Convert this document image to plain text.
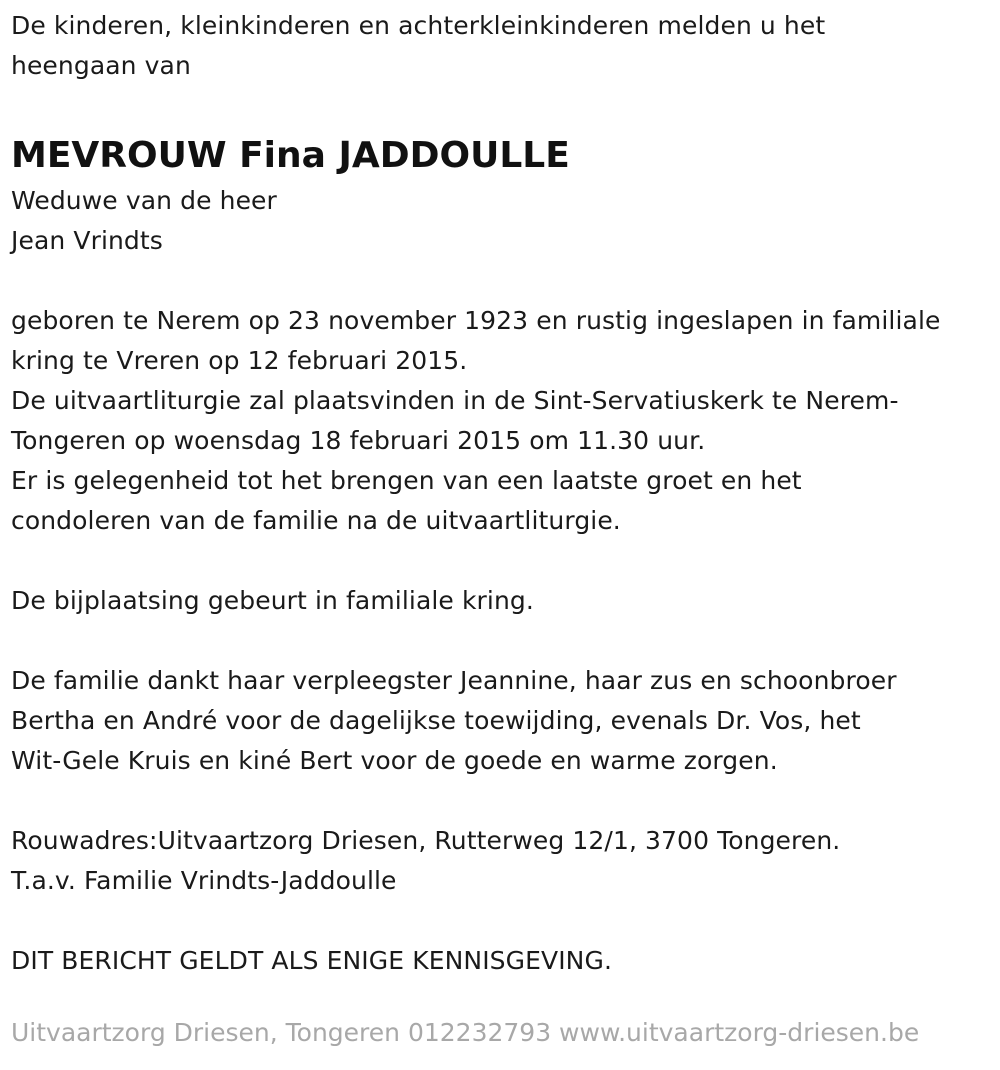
De kinderen, kleinkinderen en achterkleinkinderen melden u het
heengaan van
MEVROUW Fina JADDOULLE
Weduwe van de heer
Jean Vrindts
geboren te Nerem op 23 november 1923 en rustig ingeslapen in familiale
kring te Vreren op 12 februari 2015.
De uitvaartliturgie zal plaatsvinden in de Sint-Servatiuskerk te Nerem-
Tongeren op woensdag 18 februari 2015 om 11.30 uur.
Er is gelegenheid tot het brengen van een laatste groet en het
condoleren van de familie na de uitvaartliturgie.
De bijplaatsing gebeurt in familiale kring.
De familie dankt haar verpleegster Jeannine, haar zus en schoonbroer
Bertha en André voor de dagelijkse toewijding, evenals Dr. Vos, het
Wit-Gele Kruis en kiné Bert voor de goede en warme zorgen.
Rouwadres:Uitvaartzorg Driesen, Rutterweg 12/1, 3700 Tongeren.
T.a.v. Familie Vrindts-Jaddoulle
DIT BERICHT GELDT ALS ENIGE KENNISGEVING.
Uitvaartzorg Driesen, Tongeren 012232793 www.uitvaartzorg-driesen.be
